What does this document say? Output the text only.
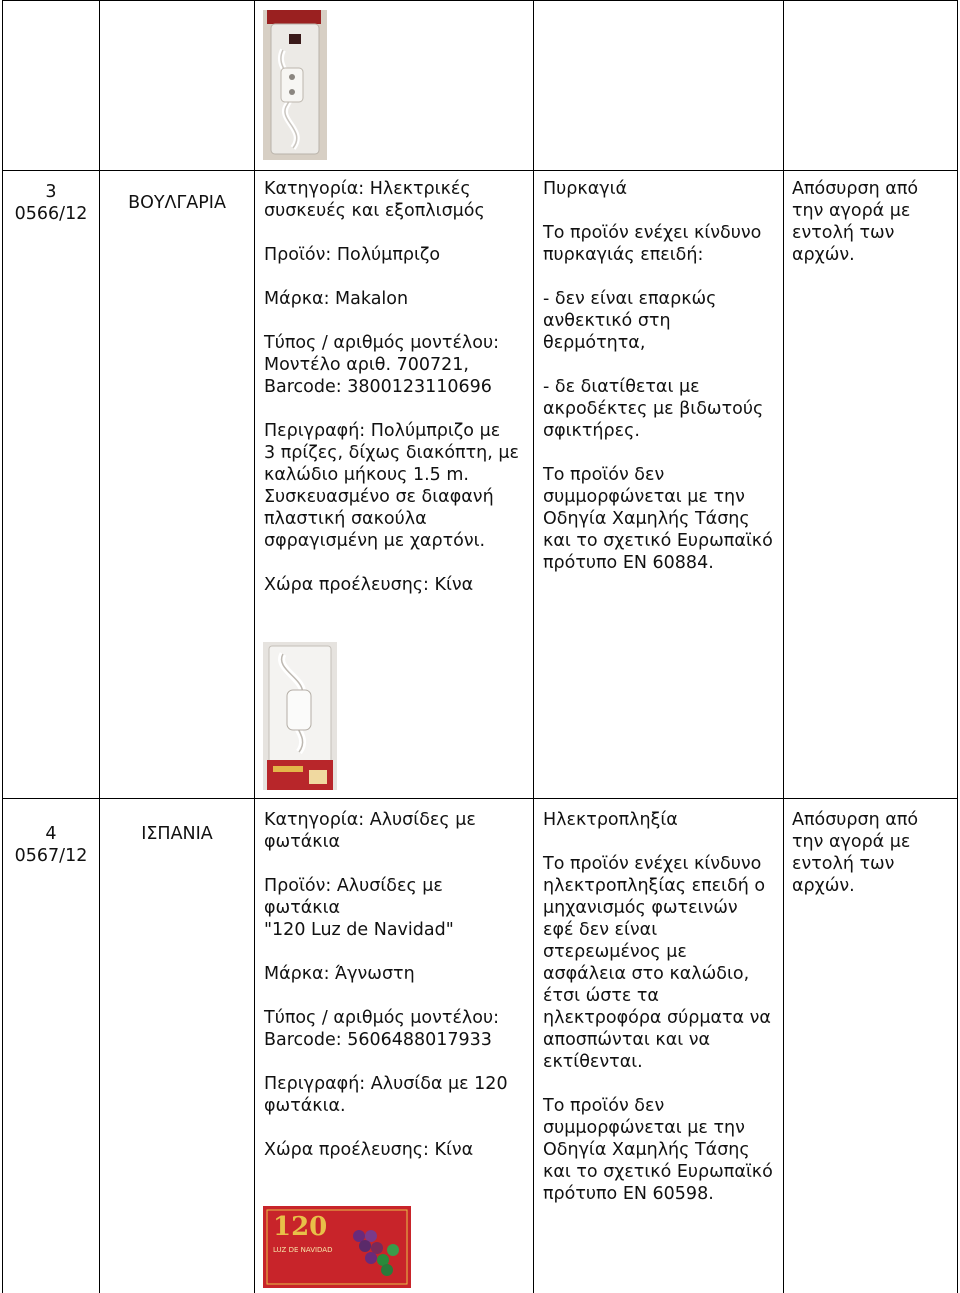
3

0566/12

ΒΟΥΛΓΑΡΙΑ

Κατηγορία: Ηλεκτρικές

συσκευές και εξοπλισμός

Προϊόν: Πολύμπριζο

Μάρκα: Makalon

Τύπος / αριθμός μοντέλου:

Μοντέλο αριθ. 700721,

Barcode: 3800123110696

Περιγραφή: Πολύμπριζο με

3 πρίζες, δίχως διακόπτη, με

καλώδιο μήκους 1.5 m.

Συσκευασμένο σε διαφανή

πλαστική σακούλα

σφραγισμένη με χαρτόνι.

Χώρα προέλευσης: Κίνα

Πυρκαγιά

Το προϊόν ενέχει κίνδυνο

πυρκαγιάς επειδή:

- δεν είναι επαρκώς

ανθεκτικό στη

θερμότητα,

- δε διατίθεται με

ακροδέκτες με βιδωτούς

σφικτήρες.

Το προϊόν δεν

συμμορφώνεται με την

Οδηγία Χαμηλής Τάσης

και το σχετικό Ευρωπαϊκό

πρότυπο EN 60884.

Απόσυρση από

την αγορά με

εντολή των

αρχών.

4

0567/12

ΙΣΠΑΝΙΑ

Κατηγορία: Αλυσίδες με

φωτάκια

Προϊόν: Αλυσίδες με

φωτάκια

"120 Luz de Navidad"

Μάρκα: Άγνωστη

Τύπος / αριθμός μοντέλου:

Barcode: 5606488017933

Περιγραφή: Αλυσίδα με 120

φωτάκια.

Χώρα προέλευσης: Κίνα

Ηλεκτροπληξία

Το προϊόν ενέχει κίνδυνο

ηλεκτροπληξίας επειδή ο

μηχανισμός φωτεινών

εφέ δεν είναι

στερεωμένος με

ασφάλεια στο καλώδιο,

έτσι ώστε τα

ηλεκτροφόρα σύρματα να

αποσπώνται και να

εκτίθενται.

Το προϊόν δεν

συμμορφώνεται με την

Οδηγία Χαμηλής Τάσης

και το σχετικό Ευρωπαϊκό

πρότυπο EN 60598.

Απόσυρση από

την αγορά με

εντολή των

αρχών.

120
LUZ DE NAVIDAD
